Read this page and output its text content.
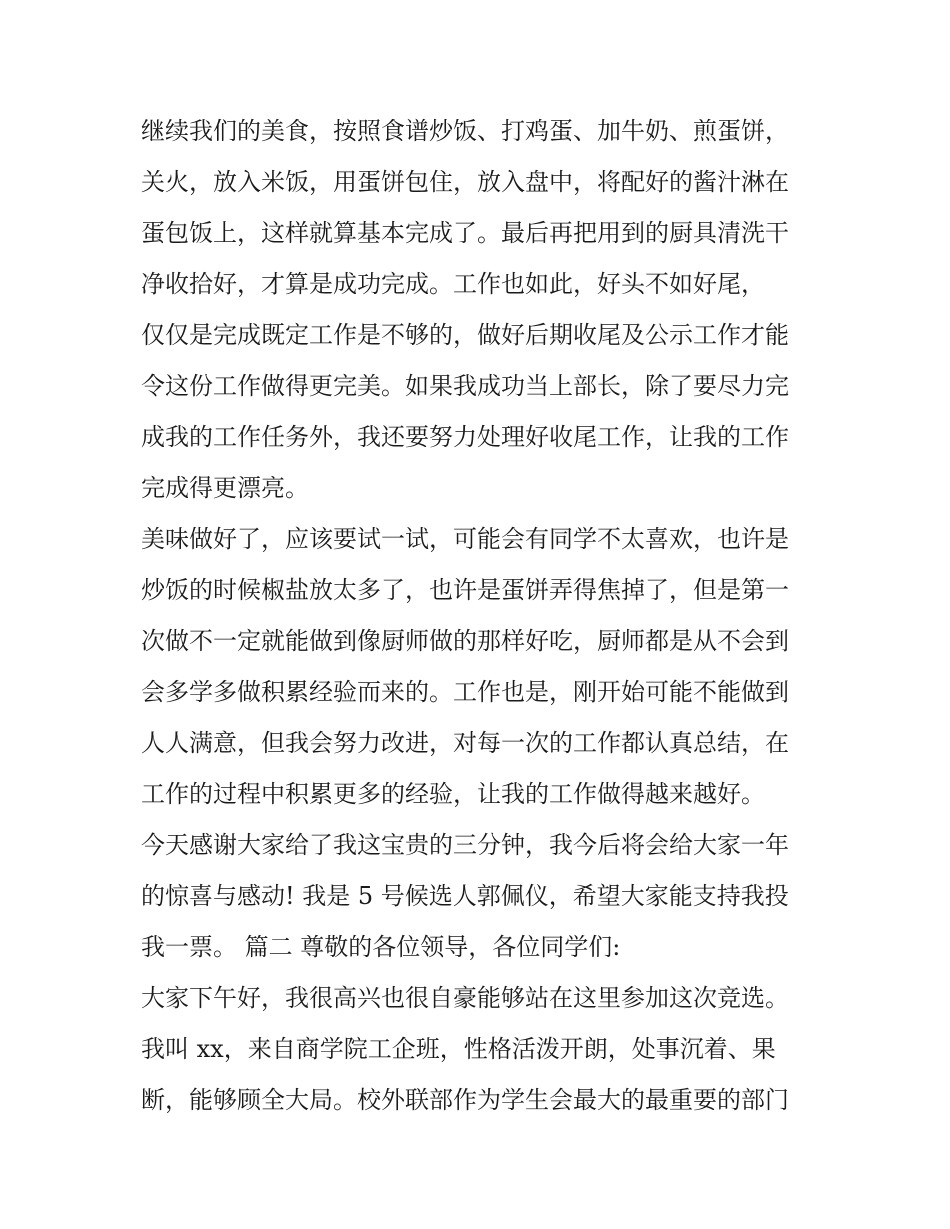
继续我们的美食，按照食谱炒饭、打鸡蛋、加牛奶、煎蛋饼，
关火，放入米饭，用蛋饼包住，放入盘中，将配好的酱汁淋在
蛋包饭上，这样就算基本完成了。最后再把用到的厨具清洗干
净收拾好，才算是成功完成。工作也如此，好头不如好尾，
仅仅是完成既定工作是不够的，做好后期收尾及公示工作才能
令这份工作做得更完美。如果我成功当上部长，除了要尽力完
成我的工作任务外，我还要努力处理好收尾工作，让我的工作
完成得更漂亮。
美味做好了，应该要试一试，可能会有同学不太喜欢，也许是
炒饭的时候椒盐放太多了，也许是蛋饼弄得焦掉了，但是第一
次做不一定就能做到像厨师做的那样好吃，厨师都是从不会到
会多学多做积累经验而来的。工作也是，刚开始可能不能做到
人人满意，但我会努力改进，对每一次的工作都认真总结，在
工作的过程中积累更多的经验，让我的工作做得越来越好。
今天感谢大家给了我这宝贵的三分钟，我今后将会给大家一年
的惊喜与感动! 我是 5 号候选人郭佩仪，希望大家能支持我投
我一票。 篇二 尊敬的各位领导，各位同学们:
大家下午好，我很高兴也很自豪能够站在这里参加这次竞选。
我叫 xx，来自商学院工企班，性格活泼开朗，处事沉着、果
断，能够顾全大局。校外联部作为学生会最大的最重要的部门
